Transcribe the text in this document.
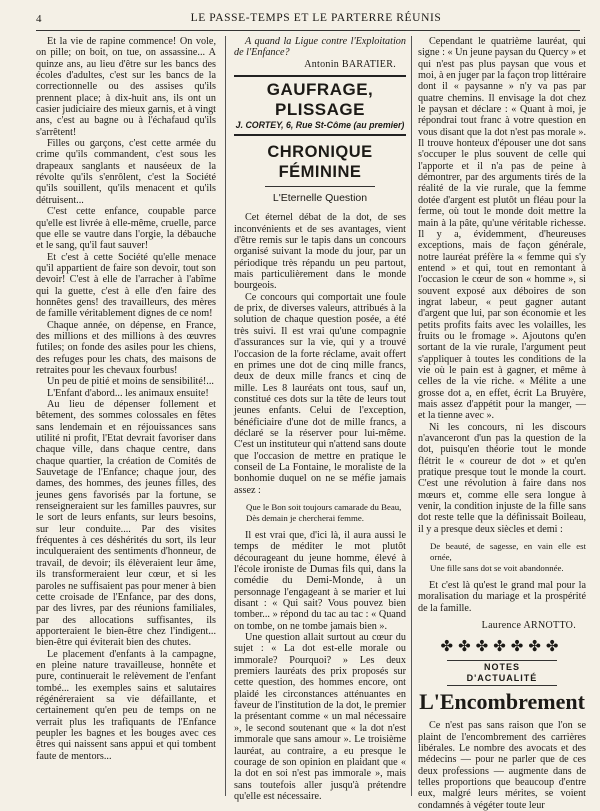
4	LE PASSE-TEMPS ET LE PARTERRE RÉUNIS

Et la vie de rapine commence! On vole, on pille; on boit, on tue, on assassine... A quinze ans, au lieu d'être sur les bancs des écoles d'adultes, c'est sur les bancs de la correctionnelle ou des assises qu'ils prennent place; à dix-huit ans, ils ont un casier judiciaire des mieux garnis, et à vingt ans, c'est au bagne ou à l'échafaud qu'ils s'arrêtent!

Filles ou garçons, c'est cette armée du crime qu'ils commandent, c'est sous les drapeaux sanglants et nauséeux de la révolte qu'ils s'enrôlent, c'est la Société qu'ils souillent, qu'ils menacent et qu'ils détruisent...

C'est cette enfance, coupable parce qu'elle est livrée à elle-même, cruelle, parce que elle se vautre dans l'orgie, la débauche et le sang, qu'il faut sauver!

Et c'est à cette Société qu'elle menace qu'il appartient de faire son devoir, tout son devoir! C'est à elle de l'arracher à l'abîme qui la guette, c'est à elle d'en faire des honnêtes gens! des travailleurs, des mères de famille véritablement dignes de ce nom!

Chaque année, on dépense, en France, des millions et des millions à des œuvres futiles; on fonde des asiles pour les chiens, des refuges pour les chats, des maisons de retraites pour les chevaux fourbus!

Un peu de pitié et moins de sensibilité!...

L'Enfant d'abord... les animaux ensuite!

Au lieu de dépenser follement et bêtement, des sommes colossales en fêtes sans lendemain et en réjouissances sans utilité ni profit, l'Etat devrait favoriser dans chaque ville, dans chaque centre, dans chaque quartier, la création de Comités de Sauvetage de l'Enfance; chaque jour, des dames, des hommes, des jeunes filles, des jeunes gens favorisés par la fortune, se renseigneraient sur les familles pauvres, sur le sort de leurs enfants, sur leurs besoins, sur leur conduite.... Par des visites fréquentes à ces déshérités du sort, ils leur inculqueraient des sentiments d'honneur, de travail, de devoir; ils élèveraient leur âme, ils transformeraient leur cœur, et si les paroles ne suffisaient pas pour mener à bien cette croisade de l'Enfance, par des dons, par des livres, par des réunions familiales, par des allocations suffisantes, ils apporteraient le bien-être chez l'indigent... bien-être qui éviterait bien des chutes.

Le placement d'enfants à la campagne, en pleine nature travailleuse, honnête et pure, continuerait le relèvement de l'enfant tombé... les exemples sains et salutaires régénéreraient sa vie défaillante, et certainement qu'en peu de temps on ne verrait plus les trafiquants de l'Enfance peupler les bagnes et les bouges avec ces êtres qui naissent sans appui et qui tombent faute de mentors...

A quand la Ligue contre l'Exploitation de l'Enfance?

Antonin BARATIER.
GAUFRAGE, PLISSAGE
J. CORTEY, 6, Rue St-Côme (au premier)
CHRONIQUE FÉMININE
L'Eternelle Question

Cet éternel débat de la dot, de ses inconvénients et de ses avantages, vient d'être remis sur le tapis dans un concours organisé suivant la mode du jour, par un périodique très répandu un peu partout, mais particulièrement dans le monde bourgeois.

Ce concours qui comportait une foule de prix, de diverses valeurs, attribués à la solution de chaque question posée, a été très suivi. Il est vrai qu'une compagnie d'assurances sur la vie, qui y a trouvé l'occasion de la forte réclame, avait offert en primes une dot de cinq mille francs, deux de deux mille francs et cinq de mille. Les 8 lauréats ont tous, sauf un, constitué ces dots sur la tête de leurs tout jeunes enfants. Celui de l'exception, bénéficiaire d'une dot de mille francs, a déclaré se la réserver pour lui-même. C'est un instituteur qui n'attend sans doute que l'occasion de mettre en pratique le conseil de La Fontaine, le moraliste de la bonhomie duquel on ne se méfie jamais assez :

Que le Bon soit toujours camarade du Beau,
Dès demain je chercherai femme.

Il est vrai que, d'ici là, il aura aussi le temps de méditer le mot plutôt décourageant du jeune homme, élevé à l'école ironiste de Dumas fils qui, dans la comédie du Demi-Monde, à un personnage l'engageant à se marier et lui disant : « Qui sait? Vous pouvez bien tomber... » répond du tac au tac : « Quand on tombe, on ne tombe jamais bien ».

Une question allait surtout au cœur du sujet : « La dot est-elle morale ou immorale? Pourquoi? » Les deux premiers lauréats des prix proposés sur cette question, des hommes encore, ont plaidé les circonstances atténuantes en faveur de l'institution de la dot, le premier la présentant comme « un mal nécessaire », le second soutenant que « la dot n'est immorale que sans amour ». Le troisième lauréat, au contraire, a eu presque le courage de son opinion en plaidant que « la dot en soi n'est pas immorale », mais sans toutefois aller jusqu'à prétendre qu'elle est nécessaire.

Cependant le quatrième lauréat, qui signe : « Un jeune paysan du Quercy » et qui n'est pas plus paysan que vous et moi, à en juger par la façon trop littéraire dont il « paysanne » n'y va pas par quatre chemins. Il envisage la dot chez le paysan et déclare : « Quant à moi, je répondrai tout franc à votre question en vous disant que la dot n'est pas morale ». Il trouve honteux d'épouser une dot sans s'occuper le plus souvent de celle qui l'apporte et il n'a pas de peine à démontrer, par des arguments tirés de la réalité de la vie rurale, que la femme dotée d'argent est plutôt un fléau pour la ferme, où tout le monde doit mettre la main à la pâte, qu'une véritable richesse. Il y a, évidemment, d'heureuses exceptions, mais de façon générale, notre lauréat préfère la « femme qui s'y entend » et qui, tout en remontant à l'occasion le cœur de son « homme », si souvent exposé aux déboires de son ingrat labeur, « peut gagner autant d'argent que lui, par son économie et les petits profits faits avec les volailles, les fruits ou le fromage ». Ajoutons qu'en sortant de la vie rurale, l'argument peut s'appliquer à toutes les conditions de la vie où le pain est à gagner, et même à celles de la vie riche. « Mélite a une grosse dot a, en effet, écrit La Bruyère, mais assez d'appétit pour la manger, — et la tienne avec ».

Ni les concours, ni les discours n'avanceront d'un pas la question de la dot, puisqu'en théorie tout le monde flétrit le « coureur de dot » et qu'en pratique presque tout le monde la court. C'est une révolution à faire dans nos mœurs et, comme elle sera longue à venir, la condition injuste de la fille sans dot reste telle que la définissait Boileau, il y a presque deux siècles et demi :

De beauté, de sagesse, en vain elle est ornée,
Une fille sans dot se voit abandonnée.

Et c'est là qu'est le grand mal pour la moralisation du mariage et la prospérité de la famille.

Laurence ARNOTTO.
✤✤✤✤✤✤✤
NOTES D'ACTUALITÉ
L'Encombrement

Ce n'est pas sans raison que l'on se plaint de l'encombrement des carrières libérales. Le nombre des avocats et des médecins — pour ne parler que de ces deux professions — augmente dans de telles proportions que beaucoup d'entre eux, malgré leurs mérites, se voient condamnés à végéter toute leur
